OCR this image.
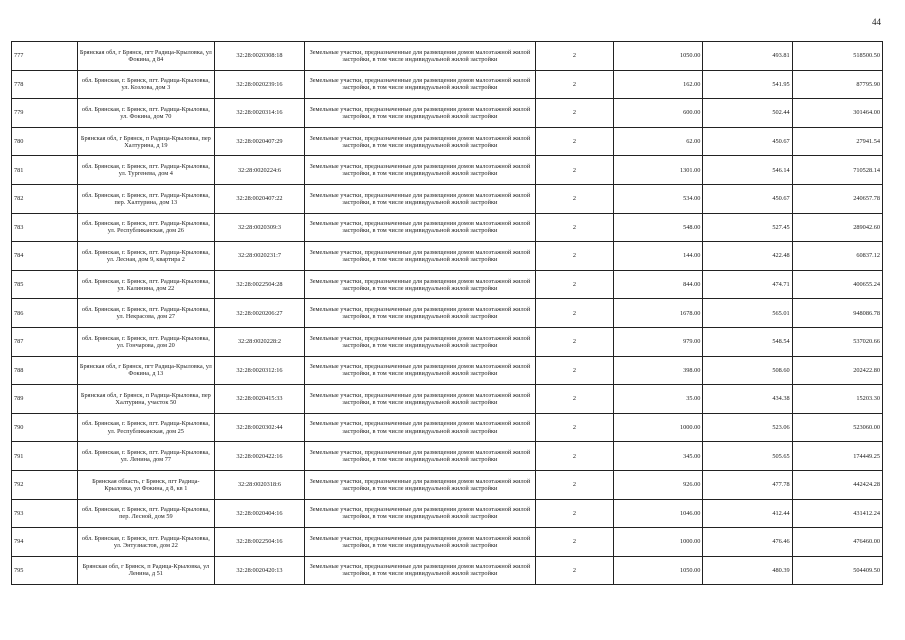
44
777	Брянская обл, г Брянск, пгт Радица-Крыловка, ул Фокина, д 84	32:28:0020308:18	Земельные участки, предназначенные для размещения домов малоэтажной жилой застройки, в том числе индивидуальной жилой застройки	2	1050.00	493.81	518500.50
778	обл. Брянская, г. Брянск, пгт. Радица-Крыловка, ул. Козлова, дом 3	32:28:0020239:16	Земельные участки, предназначенные для размещения домов малоэтажной жилой застройки, в том числе индивидуальной жилой застройки	2	162.00	541.95	87795.90
779	обл. Брянская, г. Брянск, пгт. Радица-Крыловка, ул. Фокина, дом 70	32:28:0020314:16	Земельные участки, предназначенные для размещения домов малоэтажной жилой застройки, в том числе индивидуальной жилой застройки	2	600.00	502.44	301464.00
780	Брянская обл, г Брянск, п Радица-Крыловка, пер Халтурина, д 19	32:28:0020407:29	Земельные участки, предназначенные для размещения домов малоэтажной жилой застройки, в том числе индивидуальной жилой застройки	2	62.00	450.67	27941.54
781	обл. Брянская, г. Брянск, пгт. Радица-Крыловка, ул. Тургенева, дом 4	32:28:0020224:6	Земельные участки, предназначенные для размещения домов малоэтажной жилой застройки, в том числе индивидуальной жилой застройки	2	1301.00	546.14	710528.14
782	обл. Брянская, г. Брянск, пгт. Радица-Крыловка, пер. Халтурина, дом 13	32:28:0020407:22	Земельные участки, предназначенные для размещения домов малоэтажной жилой застройки, в том числе индивидуальной жилой застройки	2	534.00	450.67	240657.78
783	обл. Брянская, г. Брянск, пгт. Радица-Крыловка, ул. Республиканская, дом 26	32:28:0020309:3	Земельные участки, предназначенные для размещения домов малоэтажной жилой застройки, в том числе индивидуальной жилой застройки	2	548.00	527.45	289042.60
784	обл. Брянская, г. Брянск, пгт. Радица-Крыловка, ул. Лесная, дом 9, квартира 2	32:28:0020231:7	Земельные участки, предназначенные для размещения домов малоэтажной жилой застройки, в том числе индивидуальной жилой застройки	2	144.00	422.48	60837.12
785	обл. Брянская, г. Брянск, пгт. Радица-Крыловка, ул. Калинина, дом 22	32:28:0022504:28	Земельные участки, предназначенные для размещения домов малоэтажной жилой застройки, в том числе индивидуальной жилой застройки	2	844.00	474.71	400655.24
786	обл. Брянская, г. Брянск, пгт. Радица-Крыловка, ул. Некрасова, дом 27	32:28:0020206:27	Земельные участки, предназначенные для размещения домов малоэтажной жилой застройки, в том числе индивидуальной жилой застройки	2	1678.00	565.01	948086.78
787	обл. Брянская, г. Брянск, пгт. Радица-Крыловка, ул. Гончарова, дом 20	32:28:0020228:2	Земельные участки, предназначенные для размещения домов малоэтажной жилой застройки, в том числе индивидуальной жилой застройки	2	979.00	548.54	537020.66
788	Брянская обл, г Брянск, пгт Радица-Крыловка, ул Фокина, д 13	32:28:0020312:16	Земельные участки, предназначенные для размещения домов малоэтажной жилой застройки, в том числе индивидуальной жилой застройки	2	398.00	508.60	202422.80
789	Брянская обл, г Брянск, п Радица-Крыловка, пер Халтурина, участок 50	32:28:0020415:33	Земельные участки, предназначенные для размещения домов малоэтажной жилой застройки, в том числе индивидуальной жилой застройки	2	35.00	434.38	15203.30
790	обл. Брянская, г. Брянск, пгт. Радица-Крыловка, ул. Республиканская, дом 25	32:28:0020302:44	Земельные участки, предназначенные для размещения домов малоэтажной жилой застройки, в том числе индивидуальной жилой застройки	2	1000.00	523.06	523060.00
791	обл. Брянская, г. Брянск, пгт. Радица-Крыловка, ул. Ленина, дом 77	32:28:0020422:16	Земельные участки, предназначенные для размещения домов малоэтажной жилой застройки, в том числе индивидуальной жилой застройки	2	345.00	505.65	174449.25
792	Брянская область, г Брянск, пгт Радица-Крыловка, ул Фокина, д 8, кв 1	32:28:0020318:6	Земельные участки, предназначенные для размещения домов малоэтажной жилой застройки, в том числе индивидуальной жилой застройки	2	926.00	477.78	442424.28
793	обл. Брянская, г. Брянск, пгт. Радица-Крыловка, пер. Лесной, дом 59	32:28:0020404:16	Земельные участки, предназначенные для размещения домов малоэтажной жилой застройки, в том числе индивидуальной жилой застройки	2	1046.00	412.44	431412.24
794	обл. Брянская, г. Брянск, пгт. Радица-Крыловка, ул. Энтузиастов, дом 22	32:28:0022504:16	Земельные участки, предназначенные для размещения домов малоэтажной жилой застройки, в том числе индивидуальной жилой застройки	2	1000.00	476.46	476460.00
795	Брянская обл, г Брянск, п Радица-Крыловка, ул Ленина, д 51	32:28:0020420:13	Земельные участки, предназначенные для размещения домов малоэтажной жилой застройки, в том числе индивидуальной жилой застройки	2	1050.00	480.39	504409.50
